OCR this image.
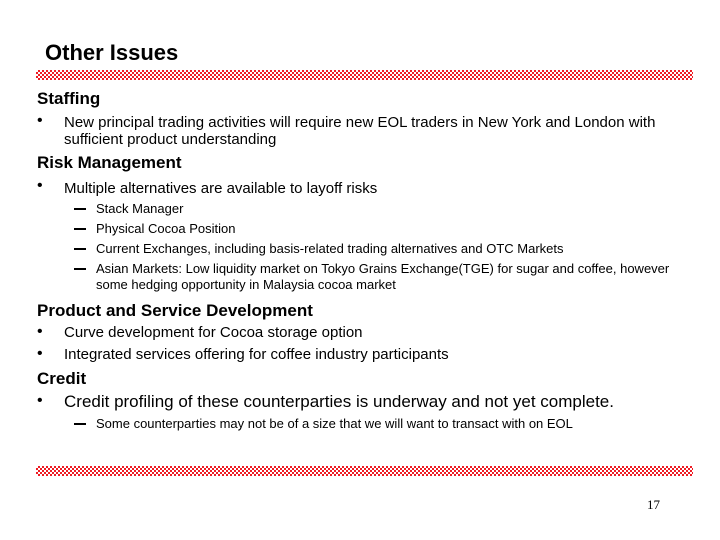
Other Issues
Staffing
• New principal trading activities will require new EOL traders in New York and London with sufficient product understanding
Risk Management
• Multiple alternatives are available to layoff risks
Stack Manager
Physical Cocoa Position
Current Exchanges, including basis-related trading alternatives and OTC Markets
Asian Markets: Low liquidity market on Tokyo Grains Exchange(TGE) for sugar and coffee, however some hedging opportunity in Malaysia cocoa market
Product and Service Development
• Curve development for Cocoa storage option
• Integrated services offering for coffee industry participants
Credit
• Credit profiling of these counterparties is underway and not yet complete.
Some counterparties may not be of a size that we will want to transact with on EOL
17
